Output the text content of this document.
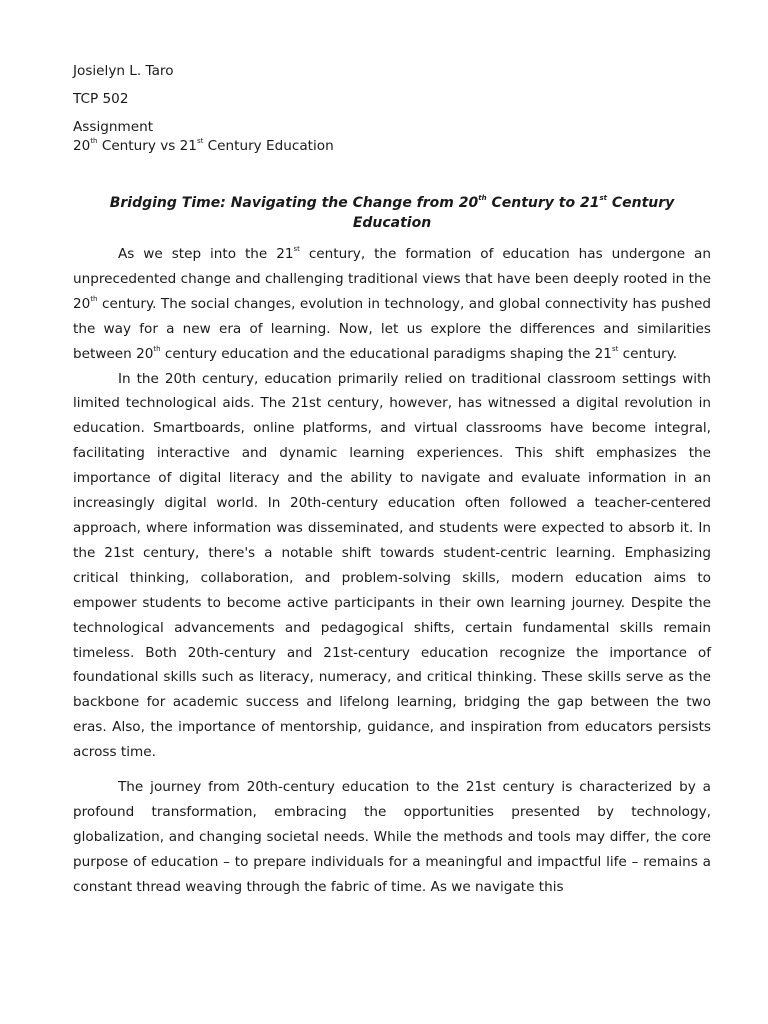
Josielyn L. Taro

TCP 502

Assignment

20th Century vs 21st Century Education

Bridging Time: Navigating the Change from 20th Century to 21st Century Education

As we step into the 21st century, the formation of education has undergone an unprecedented change and challenging traditional views that have been deeply rooted in the 20th century. The social changes, evolution in technology, and global connectivity has pushed the way for a new era of learning. Now, let us explore the differences and similarities between 20th century education and the educational paradigms shaping the 21st century.

In the 20th century, education primarily relied on traditional classroom settings with limited technological aids. The 21st century, however, has witnessed a digital revolution in education. Smartboards, online platforms, and virtual classrooms have become integral, facilitating interactive and dynamic learning experiences. This shift emphasizes the importance of digital literacy and the ability to navigate and evaluate information in an increasingly digital world. In 20th-century education often followed a teacher-centered approach, where information was disseminated, and students were expected to absorb it. In the 21st century, there's a notable shift towards student-centric learning. Emphasizing critical thinking, collaboration, and problem-solving skills, modern education aims to empower students to become active participants in their own learning journey. Despite the technological advancements and pedagogical shifts, certain fundamental skills remain timeless. Both 20th-century and 21st-century education recognize the importance of foundational skills such as literacy, numeracy, and critical thinking. These skills serve as the backbone for academic success and lifelong learning, bridging the gap between the two eras. Also, the importance of mentorship, guidance, and inspiration from educators persists across time.

The journey from 20th-century education to the 21st century is characterized by a profound transformation, embracing the opportunities presented by technology, globalization, and changing societal needs. While the methods and tools may differ, the core purpose of education – to prepare individuals for a meaningful and impactful life – remains a constant thread weaving through the fabric of time. As we navigate this
